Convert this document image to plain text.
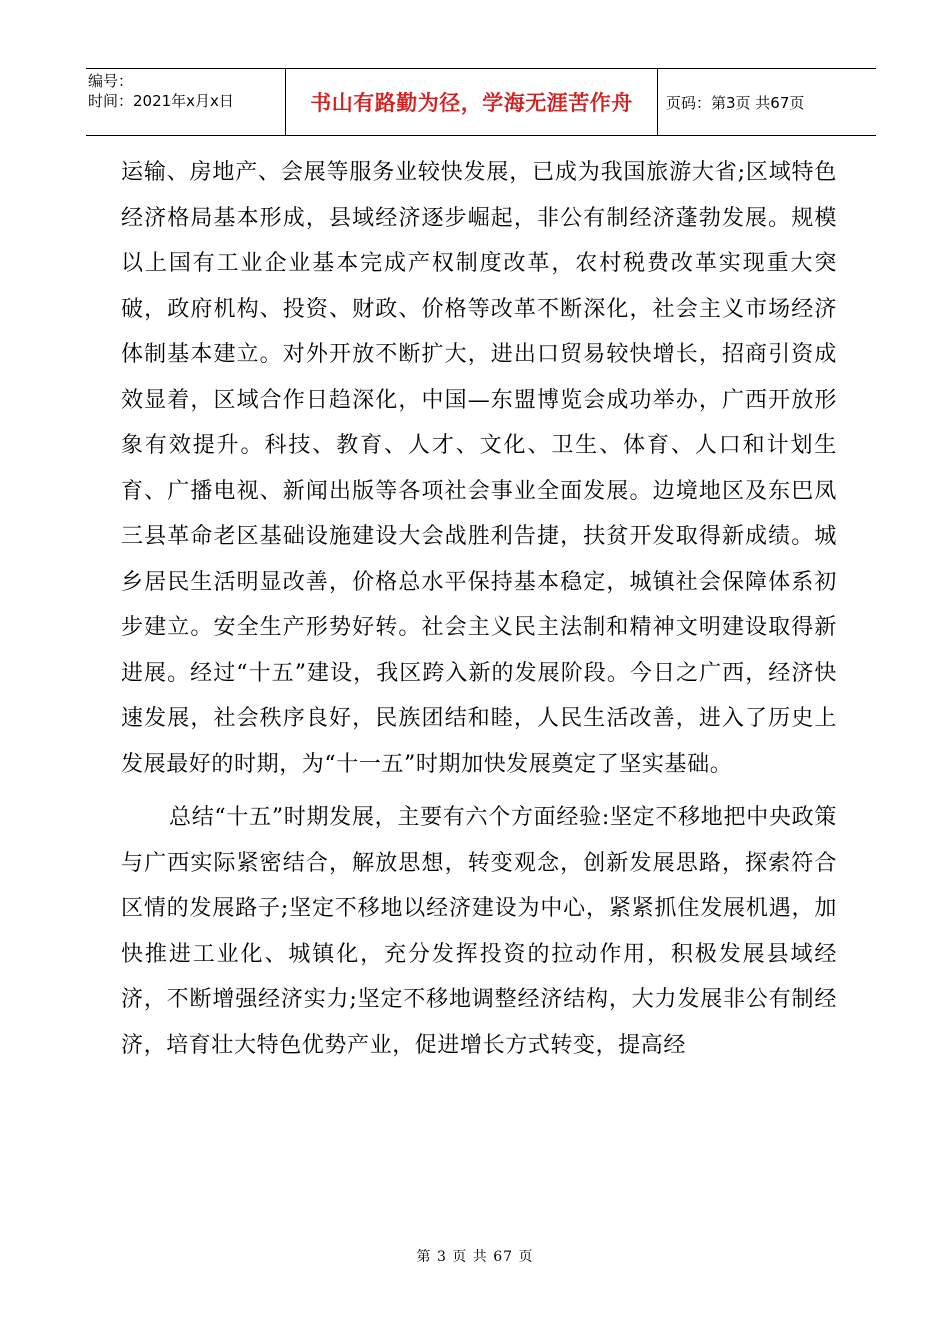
编号：
时间：2021年x月x日	书山有路勤为径，学海无涯苦作舟 页码：第3页 共67页

运输、房地产、会展等服务业较快发展，已成为我国旅游大省;区域特色经济格局基本形成，县域经济逐步崛起，非公有制经济蓬勃发展。规模以上国有工业企业基本完成产权制度改革，农村税费改革实现重大突破，政府机构、投资、财政、价格等改革不断深化，社会主义市场经济体制基本建立。对外开放不断扩大，进出口贸易较快增长，招商引资成效显着，区域合作日趋深化，中国—东盟博览会成功举办，广西开放形象有效提升。科技、教育、人才、文化、卫生、体育、人口和计划生育、广播电视、新闻出版等各项社会事业全面发展。边境地区及东巴凤三县革命老区基础设施建设大会战胜利告捷，扶贫开发取得新成绩。城乡居民生活明显改善，价格总水平保持基本稳定，城镇社会保障体系初步建立。安全生产形势好转。社会主义民主法制和精神文明建设取得新进展。经过“十五”建设，我区跨入新的发展阶段。今日之广西，经济快速发展，社会秩序良好，民族团结和睦，人民生活改善，进入了历史上发展最好的时期，为“十一五”时期加快发展奠定了坚实基础。

总结“十五”时期发展，主要有六个方面经验:坚定不移地把中央政策与广西实际紧密结合，解放思想，转变观念，创新发展思路，探索符合区情的发展路子;坚定不移地以经济建设为中心，紧紧抓住发展机遇，加快推进工业化、城镇化，充分发挥投资的拉动作用，积极发展县域经济，不断增强经济实力;坚定不移地调整经济结构，大力发展非公有制经济，培育壮大特色优势产业，促进增长方式转变，提高经

第 3 页 共 67 页
